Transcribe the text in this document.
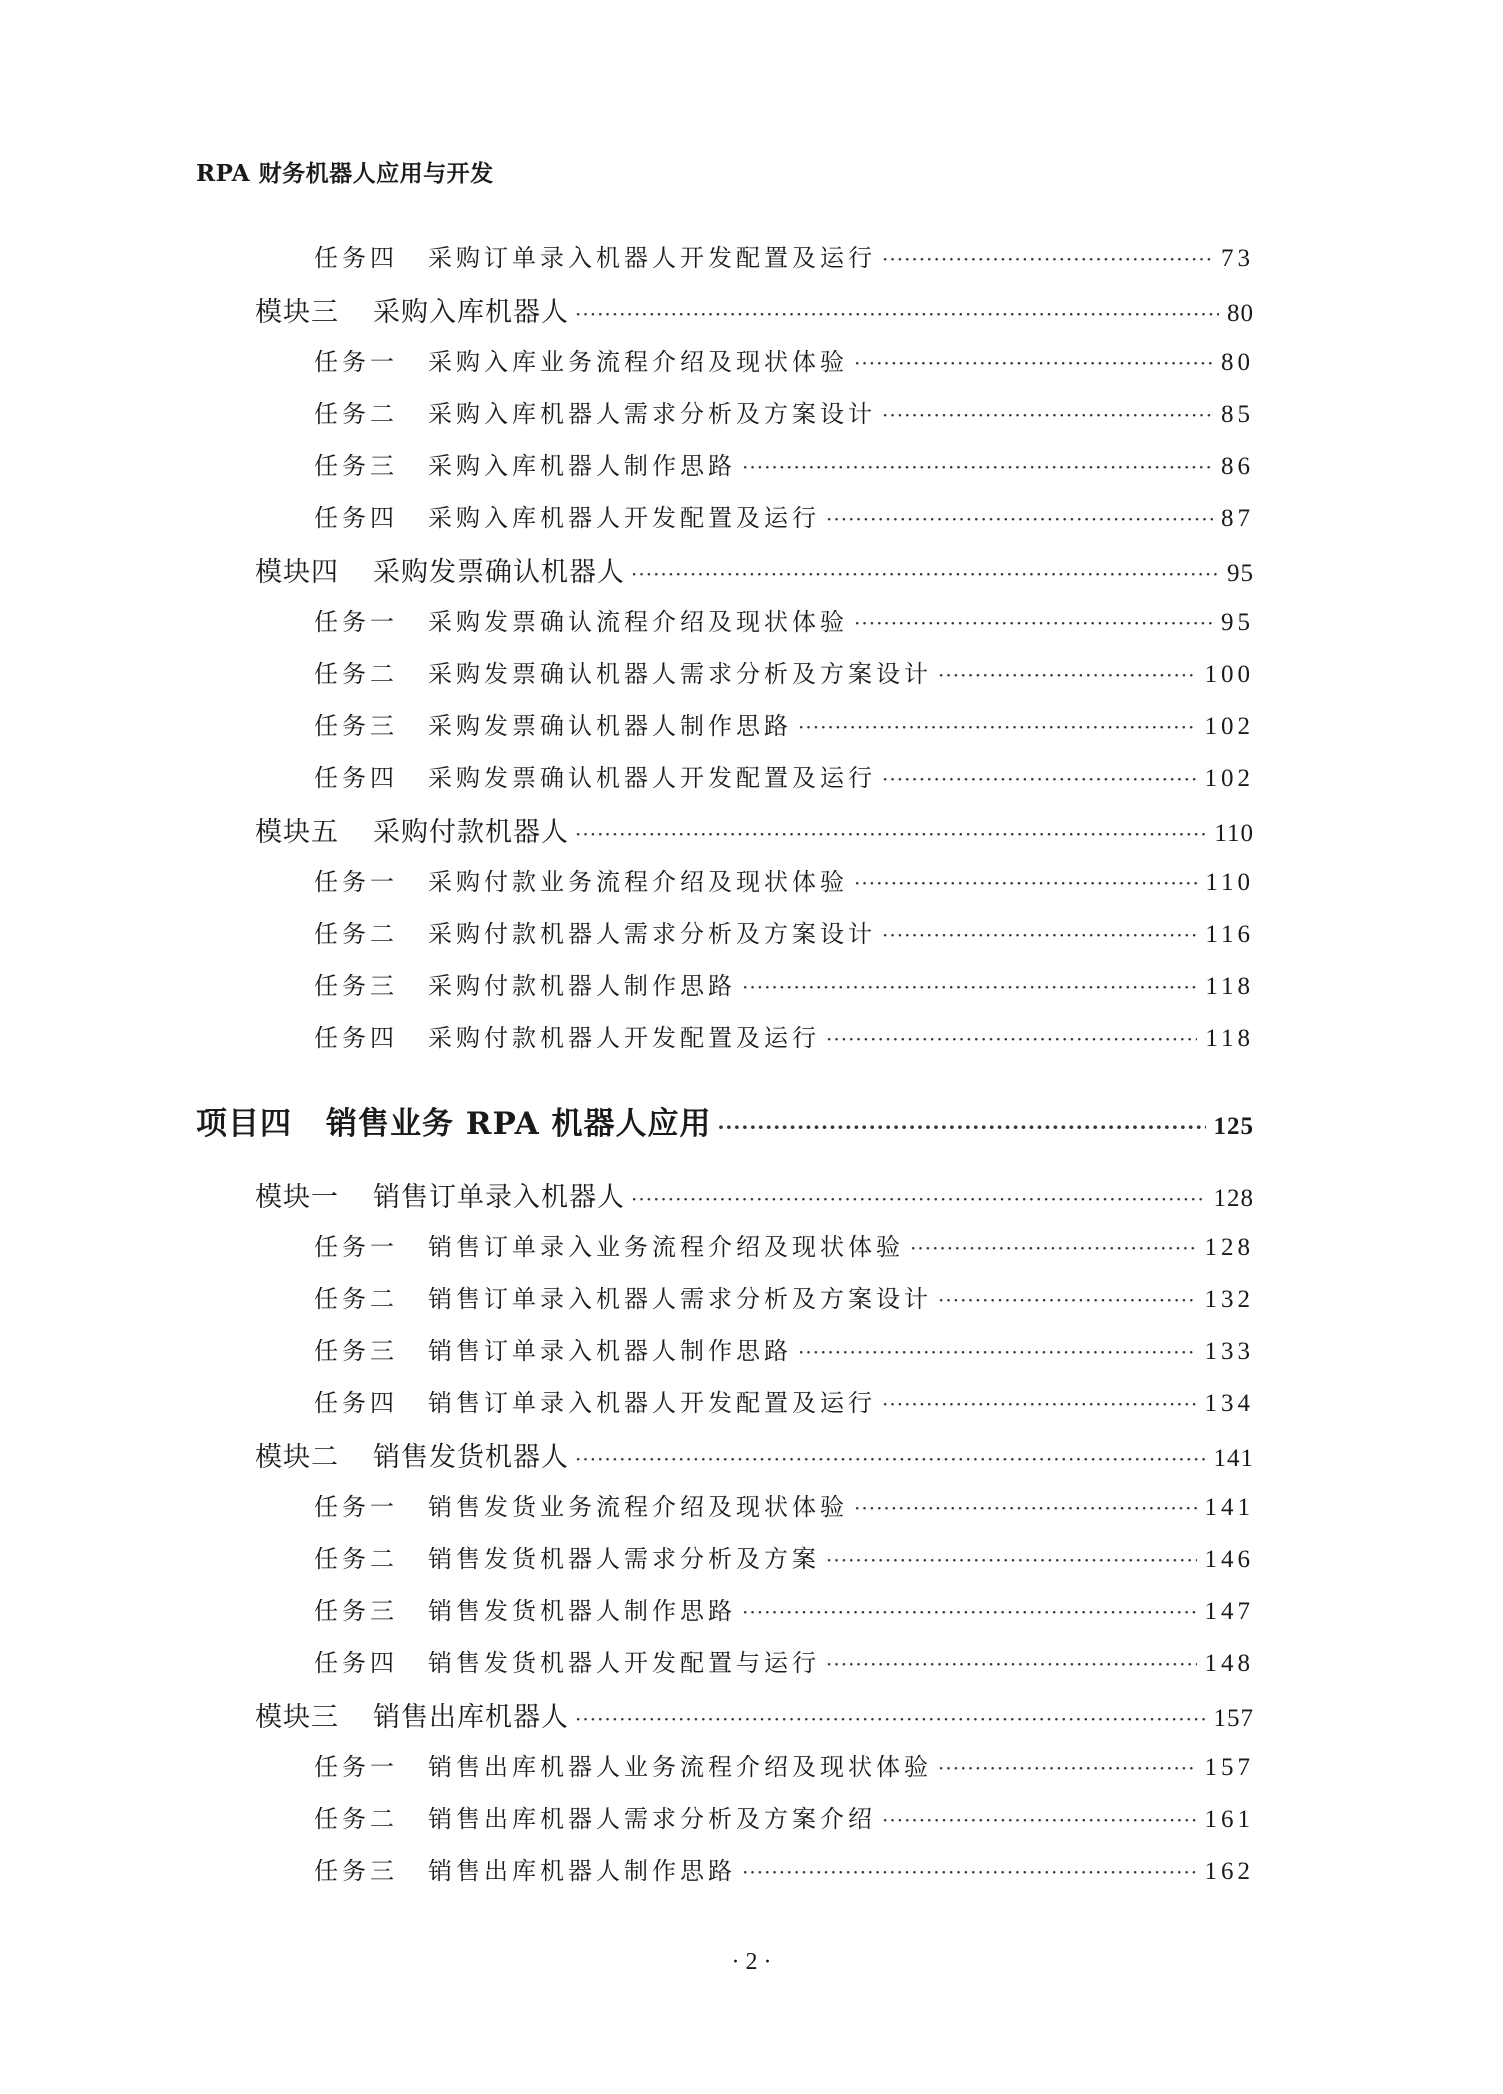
RPA 财务机器人应用与开发
任务四	采购订单录入机器人开发配置及运行 ·····	73
模块三	采购入库机器人 ·····	80
任务一	采购入库业务流程介绍及现状体验 ·····	80
任务二	采购入库机器人需求分析及方案设计 ·····	85
任务三	采购入库机器人制作思路 ·····	86
任务四	采购入库机器人开发配置及运行 ·····	87
模块四	采购发票确认机器人 ·····	95
任务一	采购发票确认流程介绍及现状体验 ·····	95
任务二	采购发票确认机器人需求分析及方案设计 ·····	100
任务三	采购发票确认机器人制作思路 ·····	102
任务四	采购发票确认机器人开发配置及运行 ·····	102
模块五	采购付款机器人 ·····	110
任务一	采购付款业务流程介绍及现状体验 ·····	110
任务二	采购付款机器人需求分析及方案设计 ·····	116
任务三	采购付款机器人制作思路 ·····	118
任务四	采购付款机器人开发配置及运行 ·····	118
项目四	销售业务 RPA 机器人应用 ·····	125
模块一	销售订单录入机器人 ·····	128
任务一	销售订单录入业务流程介绍及现状体验 ·····	128
任务二	销售订单录入机器人需求分析及方案设计 ·····	132
任务三	销售订单录入机器人制作思路 ·····	133
任务四	销售订单录入机器人开发配置及运行 ·····	134
模块二	销售发货机器人 ·····	141
任务一	销售发货业务流程介绍及现状体验 ·····	141
任务二	销售发货机器人需求分析及方案 ·····	146
任务三	销售发货机器人制作思路 ·····	147
任务四	销售发货机器人开发配置与运行 ·····	148
模块三	销售出库机器人 ·····	157
任务一	销售出库机器人业务流程介绍及现状体验 ·····	157
任务二	销售出库机器人需求分析及方案介绍 ·····	161
任务三	销售出库机器人制作思路 ·····	162
· 2 ·
